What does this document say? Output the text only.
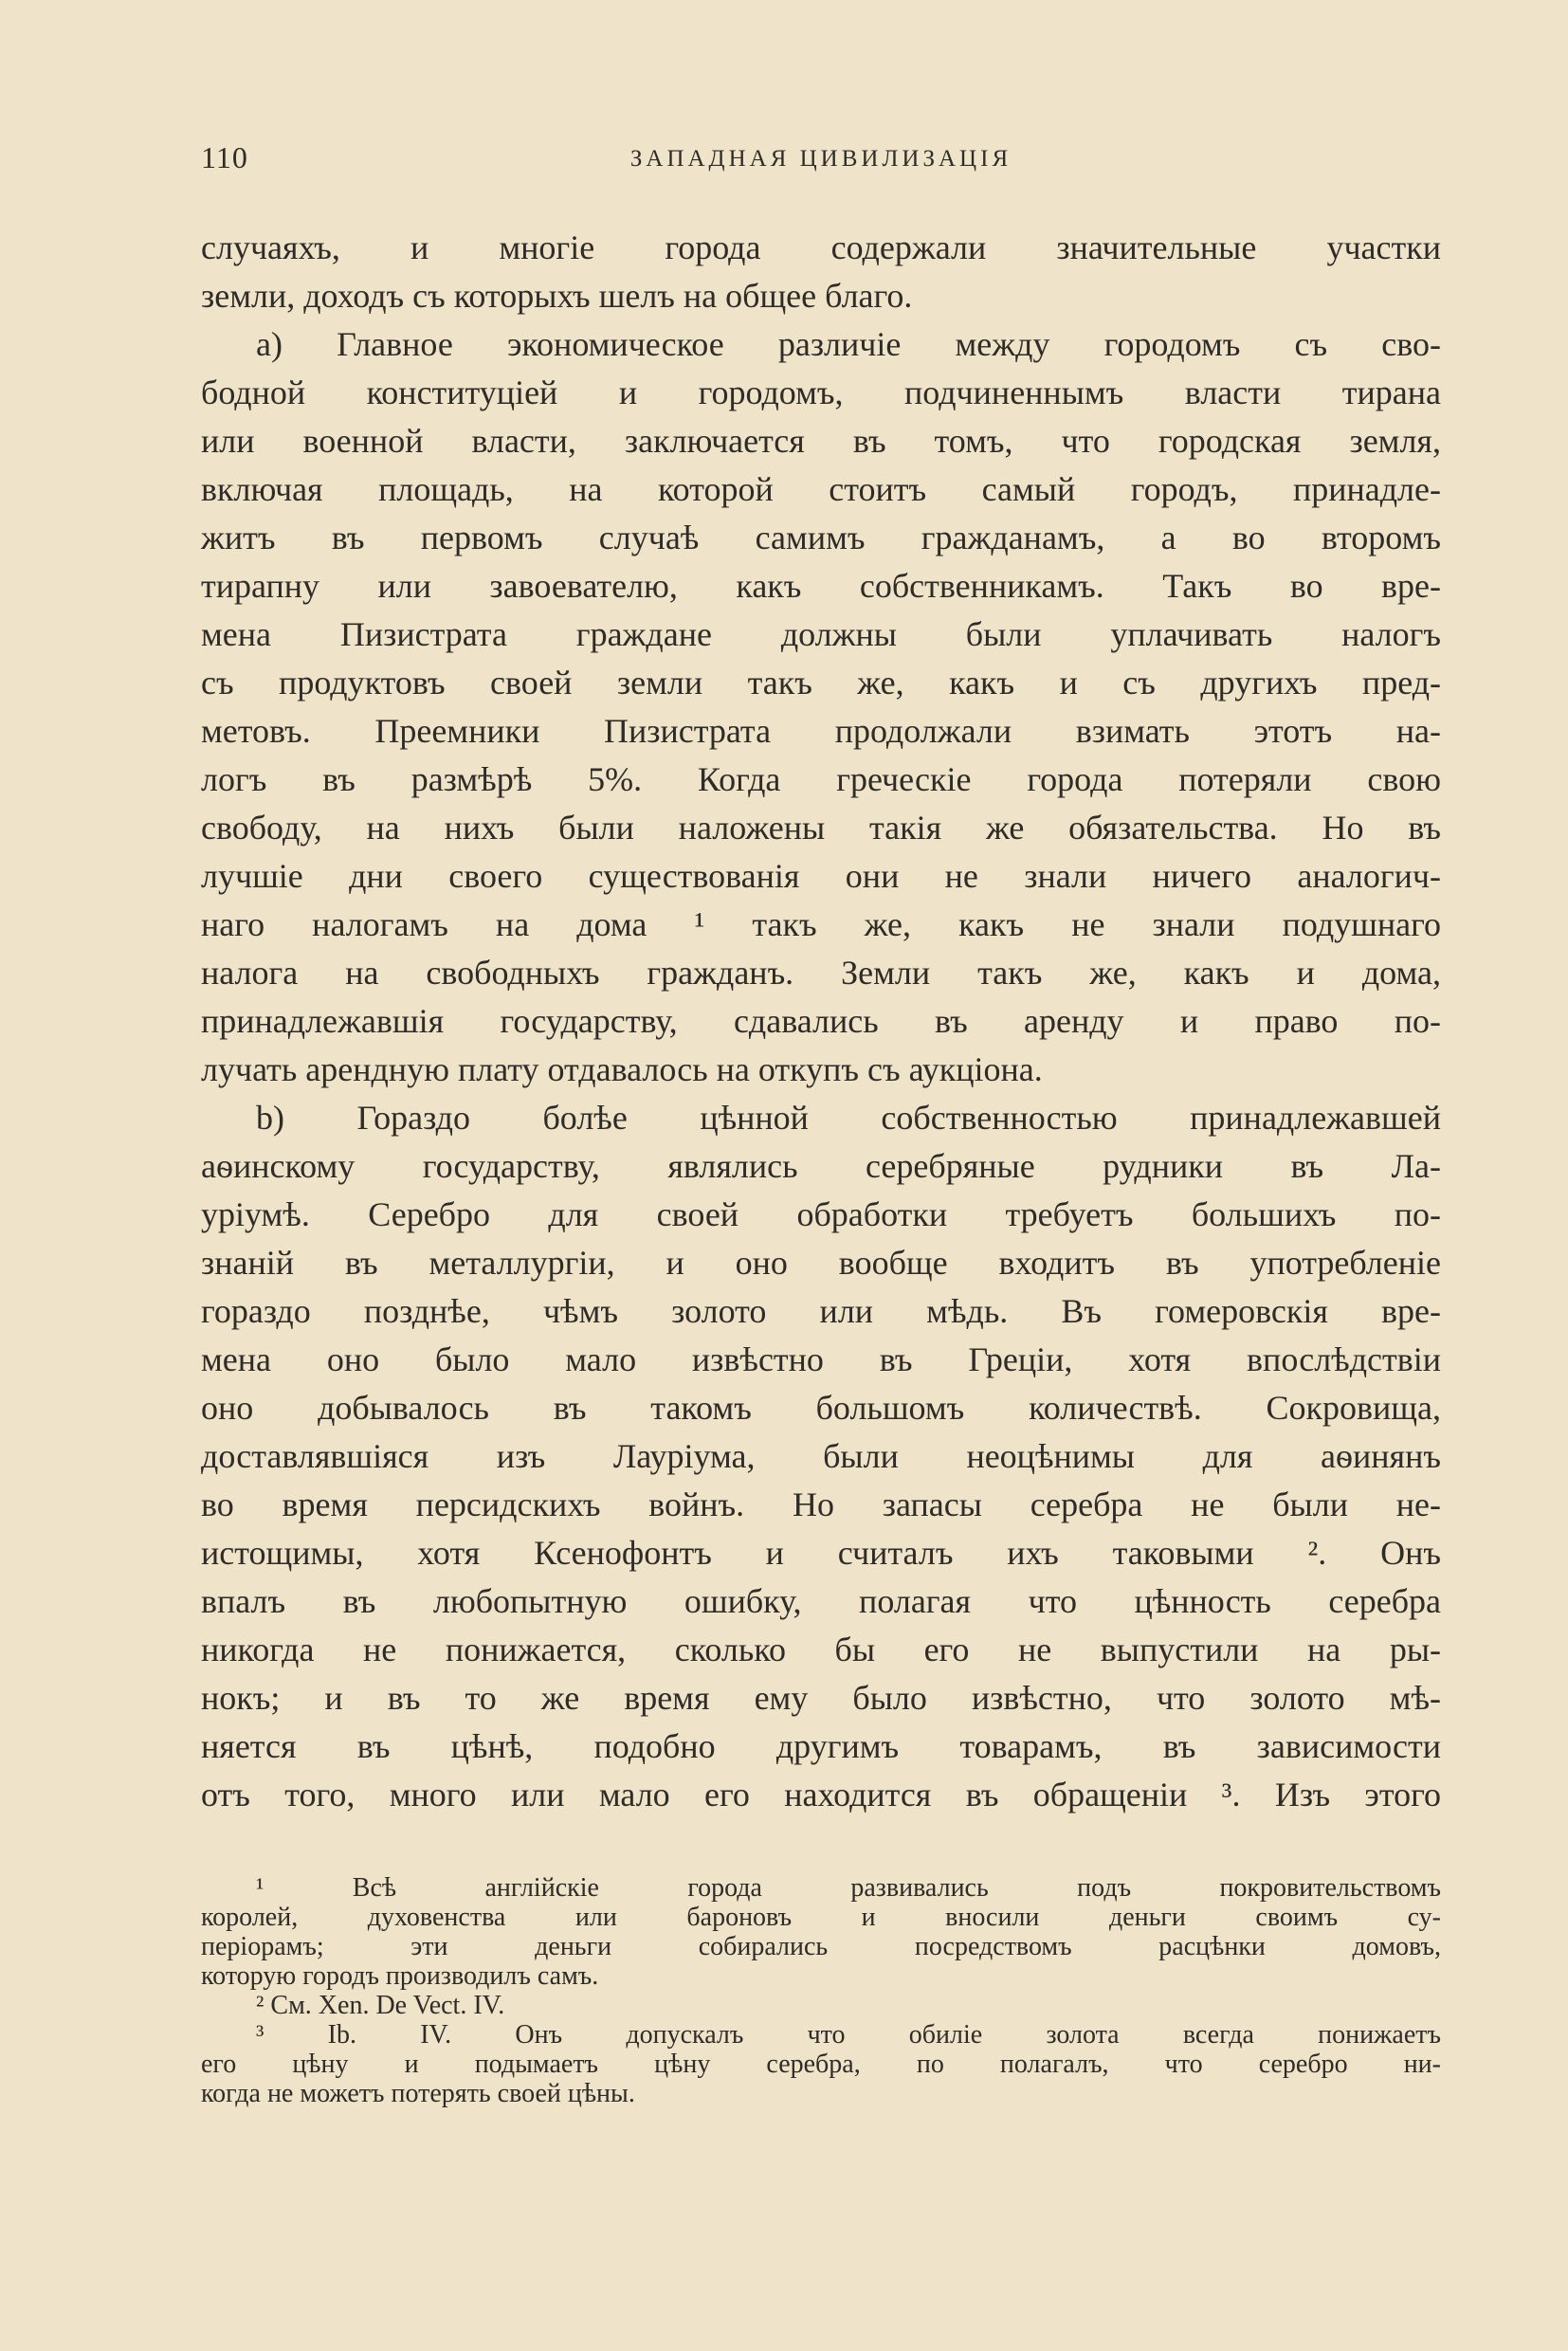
110	ЗАПАДНАЯ ЦИВИЛИЗАЦІЯ
случаяхъ, и многіе города содержали значительные участки
земли, доходъ съ которыхъ шелъ на общее благо.
a) Главное экономическое различіе между городомъ съ сво-
бодной конституціей и городомъ, подчиненнымъ власти тирана
или военной власти, заключается въ томъ, что городская земля,
включая площадь, на которой стоитъ самый городъ, принадле-
житъ въ первомъ случаѣ самимъ гражданамъ, а во второмъ
тирапну или завоевателю, какъ собственникамъ. Такъ во вре-
мена Пизистрата граждане должны были уплачивать налогъ
съ продуктовъ своей земли такъ же, какъ и съ другихъ пред-
метовъ. Преемники Пизистрата продолжали взимать этотъ на-
логъ въ размѣрѣ 5%. Когда греческіе города потеряли свою
свободу, на нихъ были наложены такія же обязательства. Но въ
лучшіе дни своего существованія они не знали ничего аналогич-
наго налогамъ на дома ¹ такъ же, какъ не знали подушнаго
налога на свободныхъ гражданъ. Земли такъ же, какъ и дома,
принадлежавшія государству, сдавались въ аренду и право по-
лучать арендную плату отдавалось на откупъ съ аукціона.
b) Гораздо болѣе цѣнной собственностью принадлежавшей
аѳинскому государству, являлись серебряные рудники въ Ла-
уріумѣ. Серебро для своей обработки требуетъ большихъ по-
знаній въ металлургіи, и оно вообще входитъ въ употребленіе
гораздо позднѣе, чѣмъ золото или мѣдь. Въ гомеровскія вре-
мена оно было мало извѣстно въ Греціи, хотя впослѣдствіи
оно добывалось въ такомъ большомъ количествѣ. Сокровища,
доставлявшіяся изъ Лауріума, были неоцѣнимы для аѳинянъ
во время персидскихъ войнъ. Но запасы серебра не были не-
истощимы, хотя Ксенофонтъ и считалъ ихъ таковыми ². Онъ
впалъ въ любопытную ошибку, полагая что цѣнность серебра
никогда не понижается, сколько бы его не выпустили на ры-
нокъ; и въ то же время ему было извѣстно, что золото мѣ-
няется въ цѣнѣ, подобно другимъ товарамъ, въ зависимости
отъ того, много или мало его находится въ обращеніи ³. Изъ этого
¹ Всѣ англійскіе города развивались подъ покровительствомъ
королей, духовенства или бароновъ и вносили деньги своимъ су-
періорамъ; эти деньги собирались посредствомъ расцѣнки домовъ,
которую городъ производилъ самъ.
² См. Xen. De Vect. IV.
³ Ib. IV. Онъ допускалъ что обиліе золота всегда понижаетъ
его цѣну и подымаетъ цѣну серебра, по полагалъ, что серебро ни-
когда не можетъ потерять своей цѣны.
